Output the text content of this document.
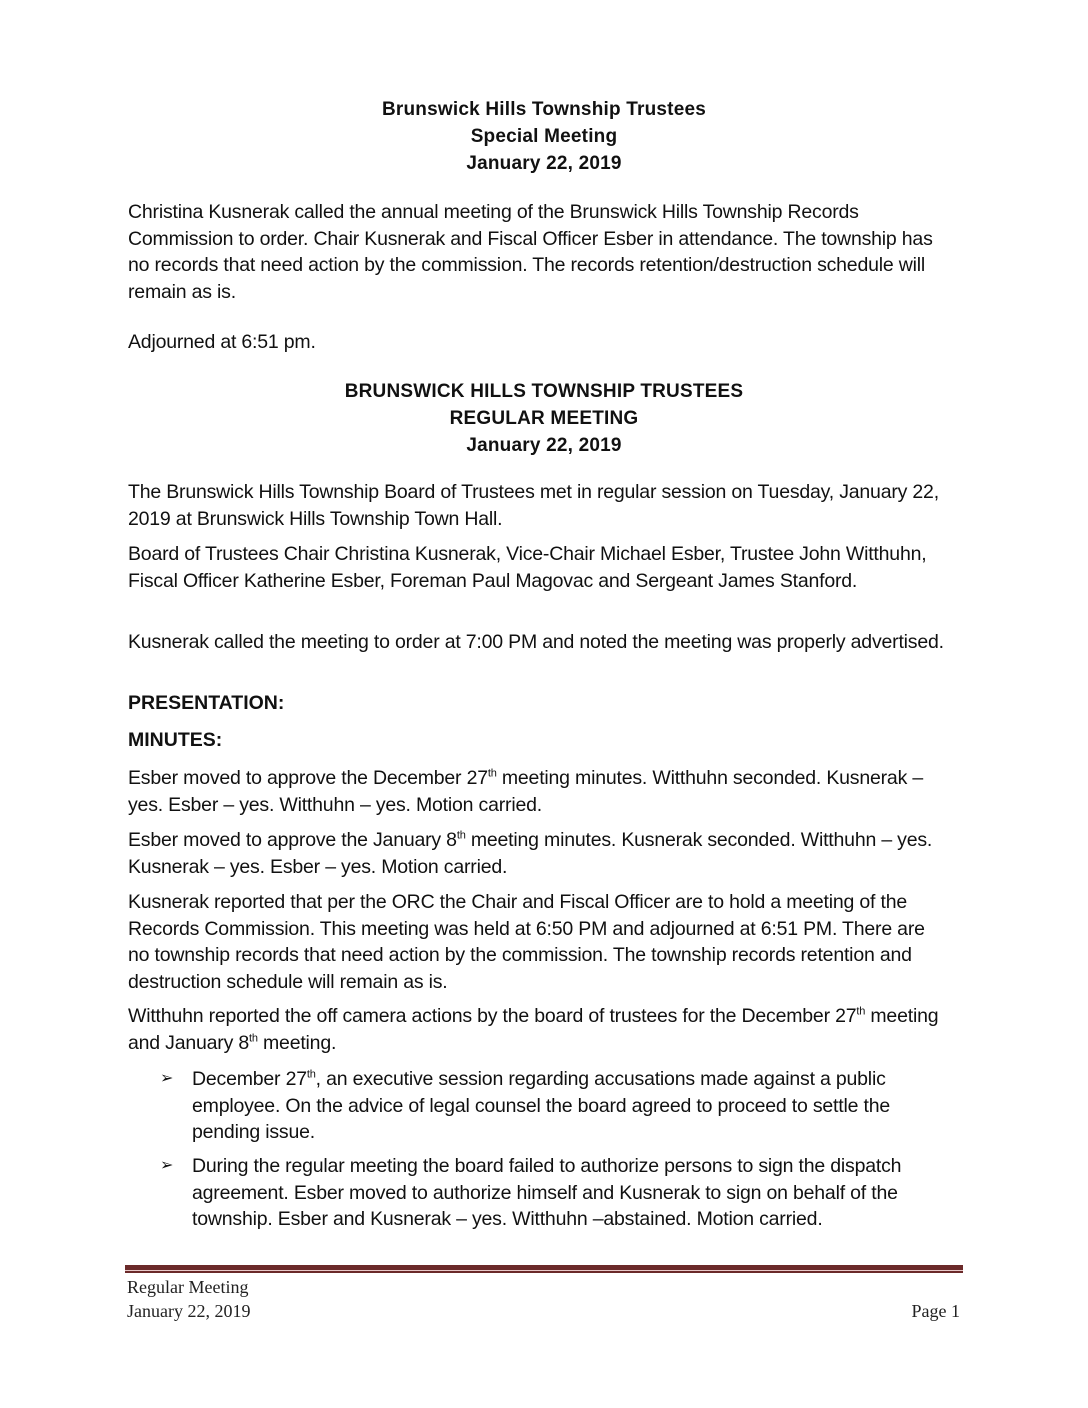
Brunswick Hills Township Trustees
Special Meeting
January 22, 2019

Christina Kusnerak called the annual meeting of the Brunswick Hills Township Records Commission to order. Chair Kusnerak and Fiscal Officer Esber in attendance. The township has no records that need action by the commission. The records retention/destruction schedule will remain as is.

Adjourned at 6:51 pm.

BRUNSWICK HILLS TOWNSHIP TRUSTEES
REGULAR MEETING
January 22, 2019

The Brunswick Hills Township Board of Trustees met in regular session on Tuesday, January 22, 2019 at Brunswick Hills Township Town Hall.

Board of Trustees Chair Christina Kusnerak, Vice-Chair Michael Esber, Trustee John Witthuhn, Fiscal Officer Katherine Esber, Foreman Paul Magovac and Sergeant James Stanford.

Kusnerak called the meeting to order at 7:00 PM and noted the meeting was properly advertised.

PRESENTATION:
MINUTES:

Esber moved to approve the December 27th meeting minutes. Witthuhn seconded. Kusnerak – yes. Esber – yes. Witthuhn – yes. Motion carried.

Esber moved to approve the January 8th meeting minutes. Kusnerak seconded. Witthuhn – yes. Kusnerak – yes. Esber – yes. Motion carried.

Kusnerak reported that per the ORC the Chair and Fiscal Officer are to hold a meeting of the Records Commission. This meeting was held at 6:50 PM and adjourned at 6:51 PM. There are no township records that need action by the commission. The township records retention and destruction schedule will remain as is.

Witthuhn reported the off camera actions by the board of trustees for the December 27th meeting and January 8th meeting.

➢ December 27th, an executive session regarding accusations made against a public employee. On the advice of legal counsel the board agreed to proceed to settle the pending issue.
➢ During the regular meeting the board failed to authorize persons to sign the dispatch agreement. Esber moved to authorize himself and Kusnerak to sign on behalf of the township. Esber and Kusnerak – yes. Witthuhn –abstained. Motion carried.
Regular Meeting
January 22, 2019	Page 1
